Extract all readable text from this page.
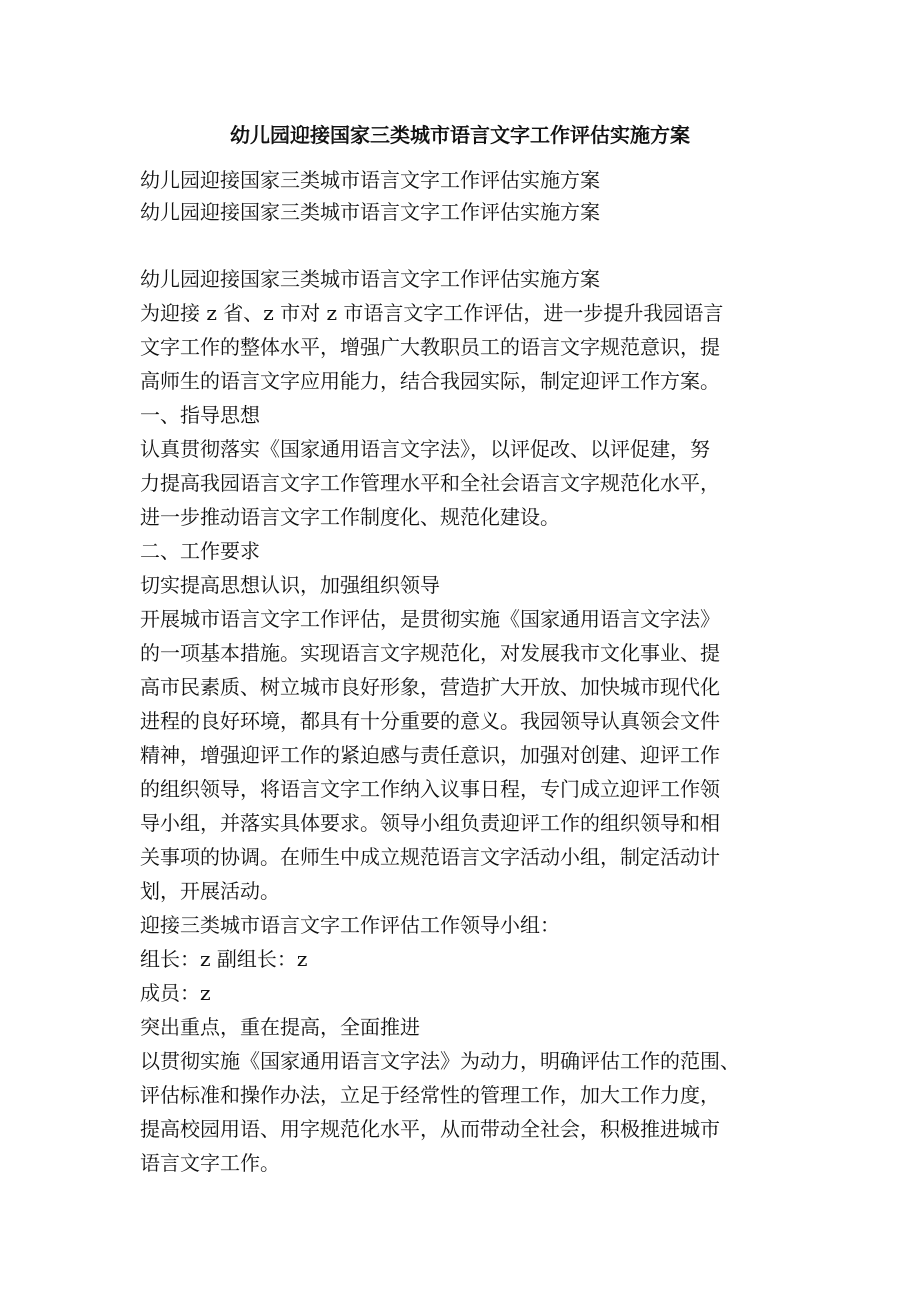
幼儿园迎接国家三类城市语言文字工作评估实施方案
幼儿园迎接国家三类城市语言文字工作评估实施方案
幼儿园迎接国家三类城市语言文字工作评估实施方案
幼儿园迎接国家三类城市语言文字工作评估实施方案
为迎接 z 省、z 市对 z 市语言文字工作评估，进一步提升我园语言
文字工作的整体水平，增强广大教职员工的语言文字规范意识，提
高师生的语言文字应用能力，结合我园实际，制定迎评工作方案。
一、指导思想
认真贯彻落实《国家通用语言文字法》，以评促改、以评促建，努
力提高我园语言文字工作管理水平和全社会语言文字规范化水平，
进一步推动语言文字工作制度化、规范化建设。
二、工作要求
切实提高思想认识，加强组织领导
开展城市语言文字工作评估，是贯彻实施《国家通用语言文字法》
的一项基本措施。实现语言文字规范化，对发展我市文化事业、提
高市民素质、树立城市良好形象，营造扩大开放、加快城市现代化
进程的良好环境，都具有十分重要的意义。我园领导认真领会文件
精神，增强迎评工作的紧迫感与责任意识，加强对创建、迎评工作
的组织领导，将语言文字工作纳入议事日程，专门成立迎评工作领
导小组，并落实具体要求。领导小组负责迎评工作的组织领导和相
关事项的协调。在师生中成立规范语言文字活动小组，制定活动计
划，开展活动。
迎接三类城市语言文字工作评估工作领导小组：
组长：z 副组长：z
成员：z
突出重点，重在提高，全面推进
以贯彻实施《国家通用语言文字法》为动力，明确评估工作的范围、
评估标准和操作办法，立足于经常性的管理工作，加大工作力度，
提高校园用语、用字规范化水平，从而带动全社会，积极推进城市
语言文字工作。
